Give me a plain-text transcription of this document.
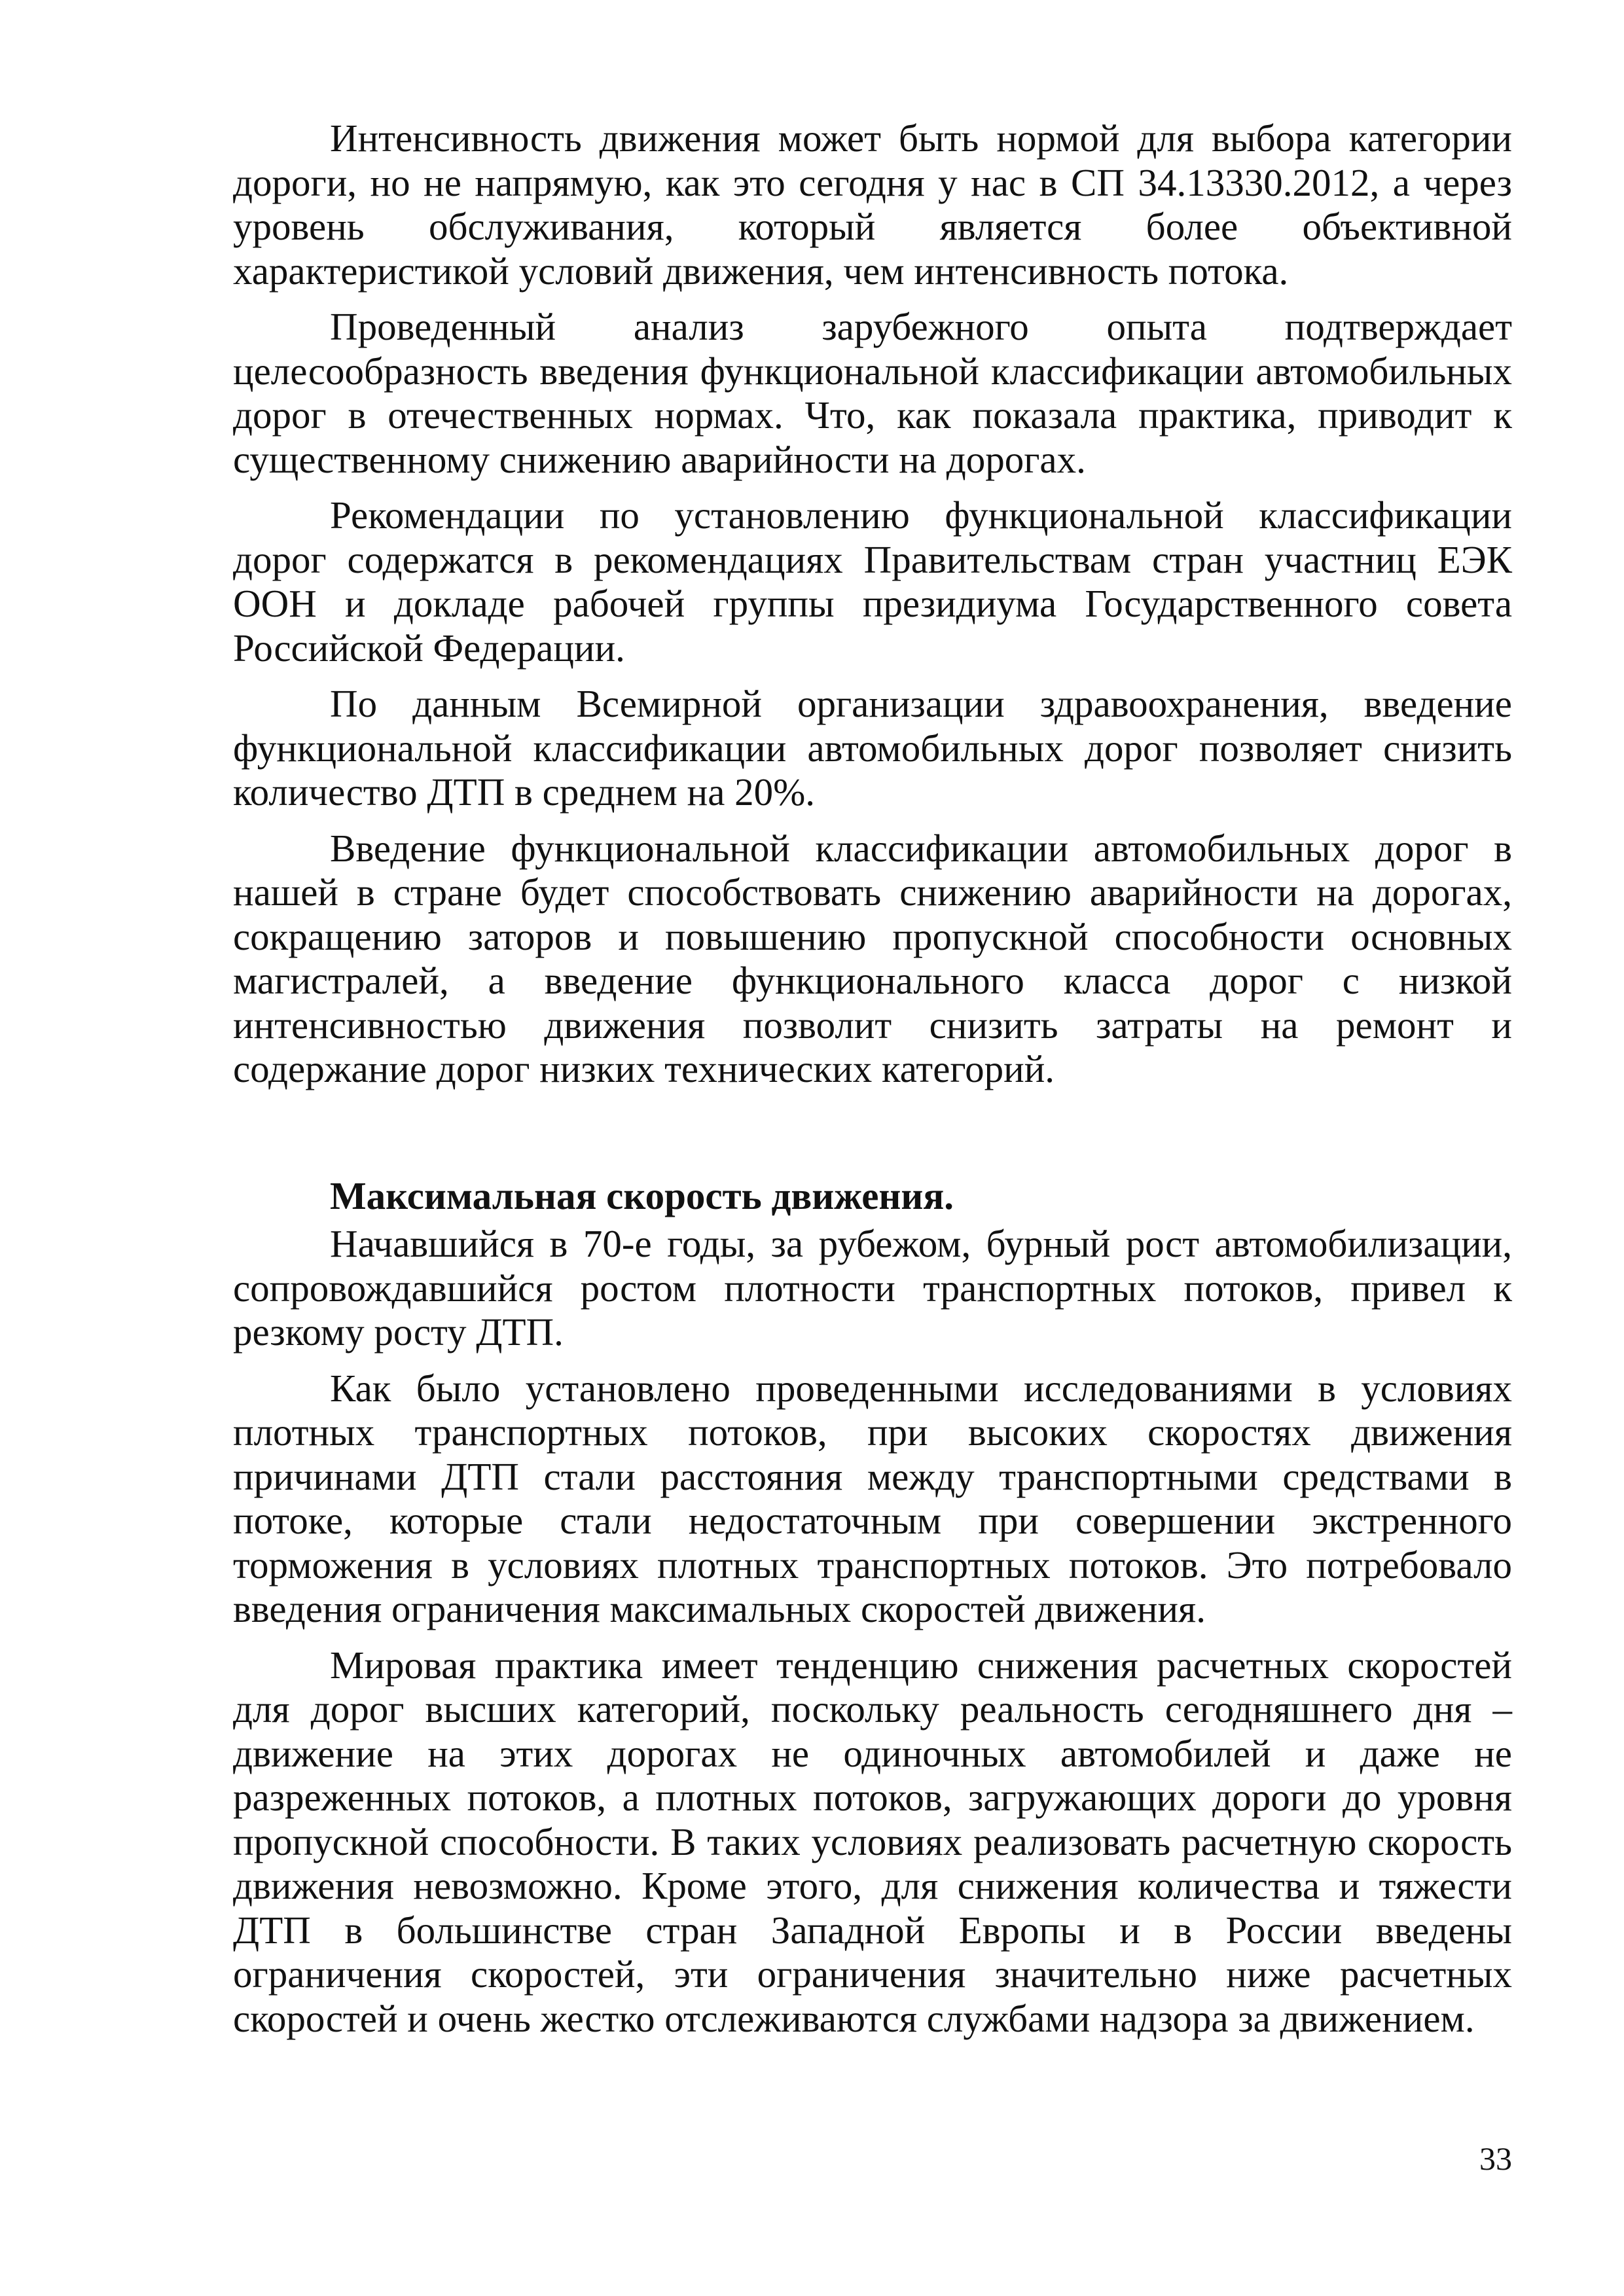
Интенсивность движения может быть нормой для выбора категории дороги, но не напрямую, как это сегодня у нас в СП 34.13330.2012, а через уровень обслуживания, который является более объективной характеристикой условий движения, чем интенсивность потока.

Проведенный анализ зарубежного опыта подтверждает целесообразность введения функциональной классификации автомобильных дорог в отечественных нормах. Что, как показала практика, приводит к существенному снижению аварийности на дорогах.

Рекомендации по установлению функциональной классификации дорог содержатся в рекомендациях Правительствам стран участниц ЕЭК ООН и докладе рабочей группы президиума Государственного совета Российской Федерации.

По данным Всемирной организации здравоохранения, введение функциональной классификации автомобильных дорог позволяет снизить количество ДТП в среднем на 20%.

Введение функциональной классификации автомобильных дорог в нашей в стране будет способствовать снижению аварийности на дорогах, сокращению заторов и повышению пропускной способности основных магистралей, а введение функционального класса дорог с низкой интенсивностью движения позволит снизить затраты на ремонт и содержание дорог низких технических категорий.

Максимальная скорость движения.

Начавшийся в 70-е годы, за рубежом, бурный рост автомобилизации, сопровождавшийся ростом плотности транспортных потоков, привел к резкому росту ДТП.

Как было установлено проведенными исследованиями в условиях плотных транспортных потоков, при высоких скоростях движения причинами ДТП стали расстояния между транспортными средствами в потоке, которые стали недостаточным при совершении экстренного торможения в условиях плотных транспортных потоков. Это потребовало введения ограничения максимальных скоростей движения.

Мировая практика имеет тенденцию снижения расчетных скоростей для дорог высших категорий, поскольку реальность сегодняшнего дня – движение на этих дорогах не одиночных автомобилей и даже не разреженных потоков, а плотных потоков, загружающих дороги до уровня пропускной способности. В таких условиях реализовать расчетную скорость движения невозможно. Кроме этого, для снижения количества и тяжести ДТП в большинстве стран Западной Европы и в России введены ограничения скоростей, эти ограничения значительно ниже расчетных скоростей и очень жестко отслеживаются службами надзора за движением.

33
